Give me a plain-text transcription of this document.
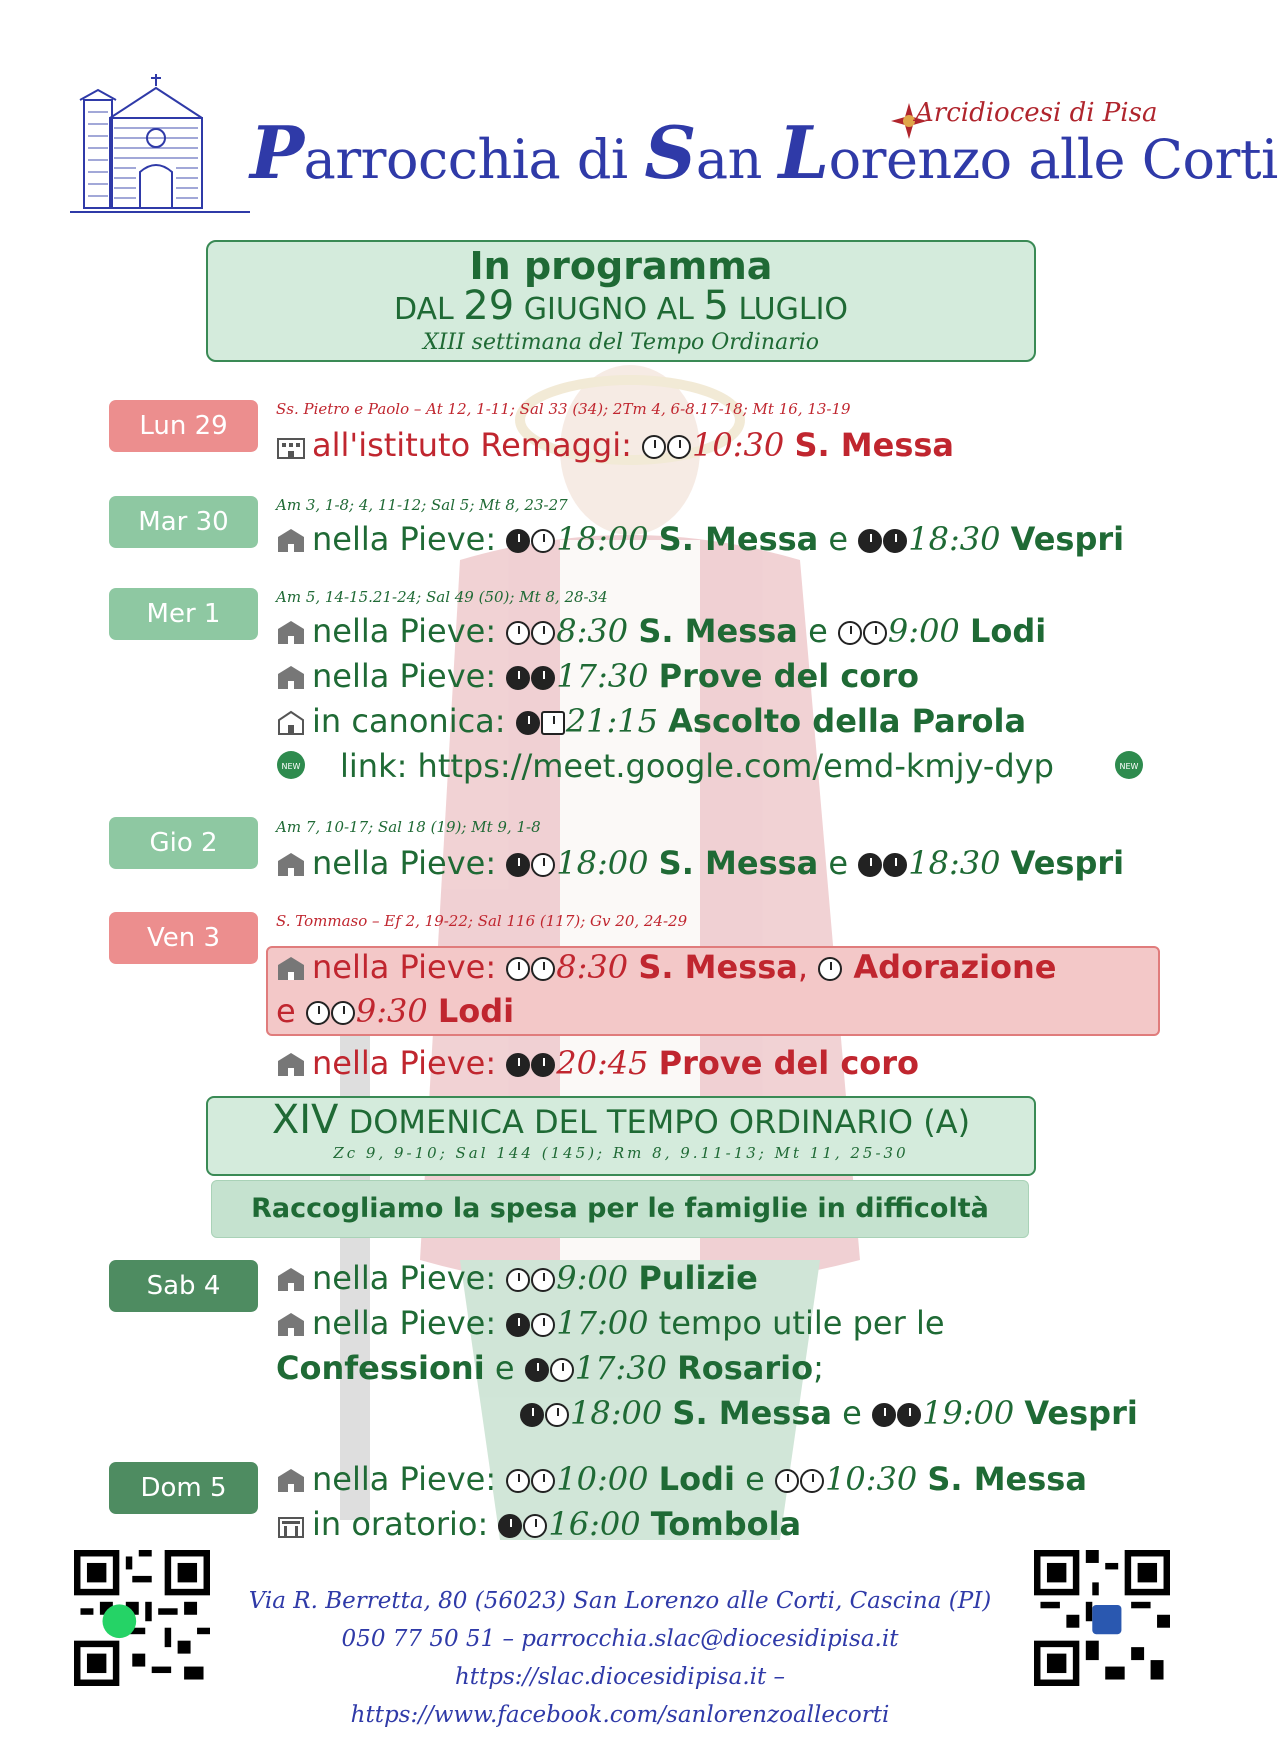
Arcidiocesi di Pisa
Parrocchia di San Lorenzo alle Corti
In programma
DAL 29 GIUGNO AL 5 LUGLIO
XIII settimana del Tempo Ordinario
Lun 29
Ss. Pietro e Paolo – At 12, 1-11; Sal 33 (34); 2Tm 4, 6-8.17-18; Mt 16, 13-19
all'istituto Remaggi: 10:30 S. Messa
Mar 30
Am 3, 1-8; 4, 11-12; Sal 5; Mt 8, 23-27
nella Pieve: 18:00 S. Messa e 18:30 Vespri
Mer 1
Am 5, 14-15.21-24; Sal 49 (50); Mt 8, 28-34
nella Pieve: 8:30 S. Messa e 9:00 Lodi
nella Pieve: 17:30 Prove del coro
in canonica: 21:15 Ascolto della Parola
NEW link: https://meet.google.com/emd-kmjy-dyp	NEW
Gio 2
Am 7, 10-17; Sal 18 (19); Mt 9, 1-8
nella Pieve: 18:00 S. Messa e 18:30 Vespri
Ven 3
S. Tommaso – Ef 2, 19-22; Sal 116 (117); Gv 20, 24-29
nella Pieve: 8:30 S. Messa, Adorazione
e 9:30 Lodi
nella Pieve: 20:45 Prove del coro
XIV DOMENICA DEL TEMPO ORDINARIO (A)
Zc 9, 9-10; Sal 144 (145); Rm 8, 9.11-13; Mt 11, 25-30
Raccogliamo la spesa per le famiglie in difficoltà
Sab 4	nella Pieve: 9:00 Pulizie
nella Pieve: 17:00 tempo utile per le
Confessioni e 17:30 Rosario;
18:00 S. Messa e 19:00 Vespri
Dom 5	nella Pieve: 10:00 Lodi e 10:30 S. Messa
in oratorio: 16:00 Tombola
Via R. Berretta, 80 (56023) San Lorenzo alle Corti, Cascina (PI)
050 77 50 51 – parrocchia.slac@diocesidipisa.it
https://slac.diocesidipisa.it – https://www.facebook.com/sanlorenzoallecorti
